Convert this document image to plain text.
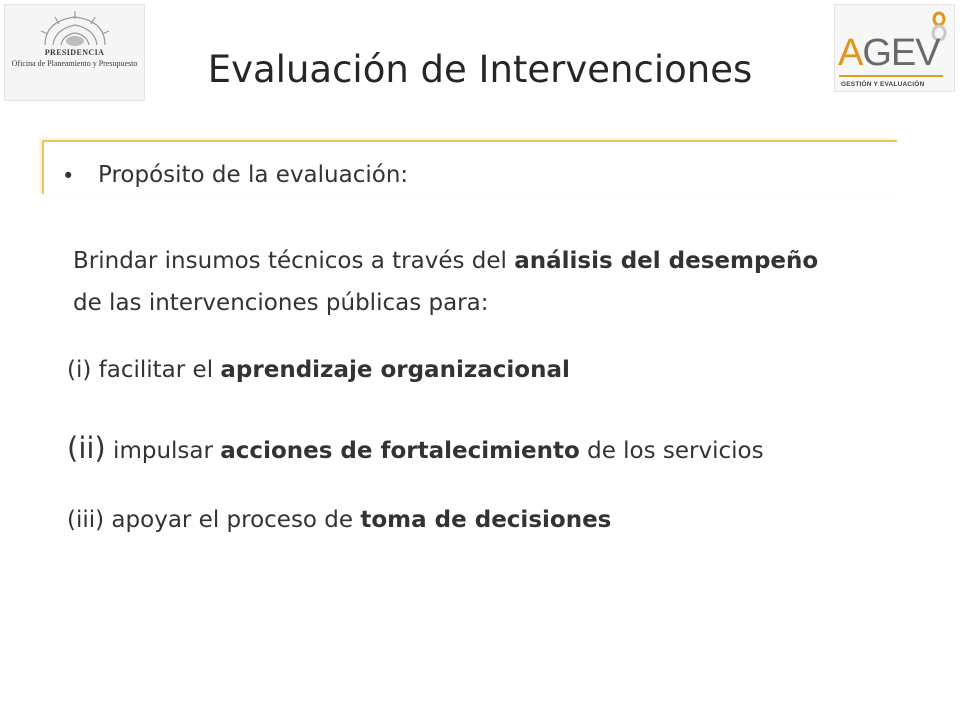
PRESIDENCIA
Oficina de Planeamiento y Presupuesto	AGEV
GESTIÓN Y EVALUACIÓN
Evaluación de Intervenciones
• Propósito de la evaluación:
Brindar insumos técnicos a través del análisis del desempeño de las intervenciones públicas para:
(i) facilitar el aprendizaje organizacional
(ii) impulsar acciones de fortalecimiento de los servicios
(iii) apoyar el proceso de toma de decisiones
